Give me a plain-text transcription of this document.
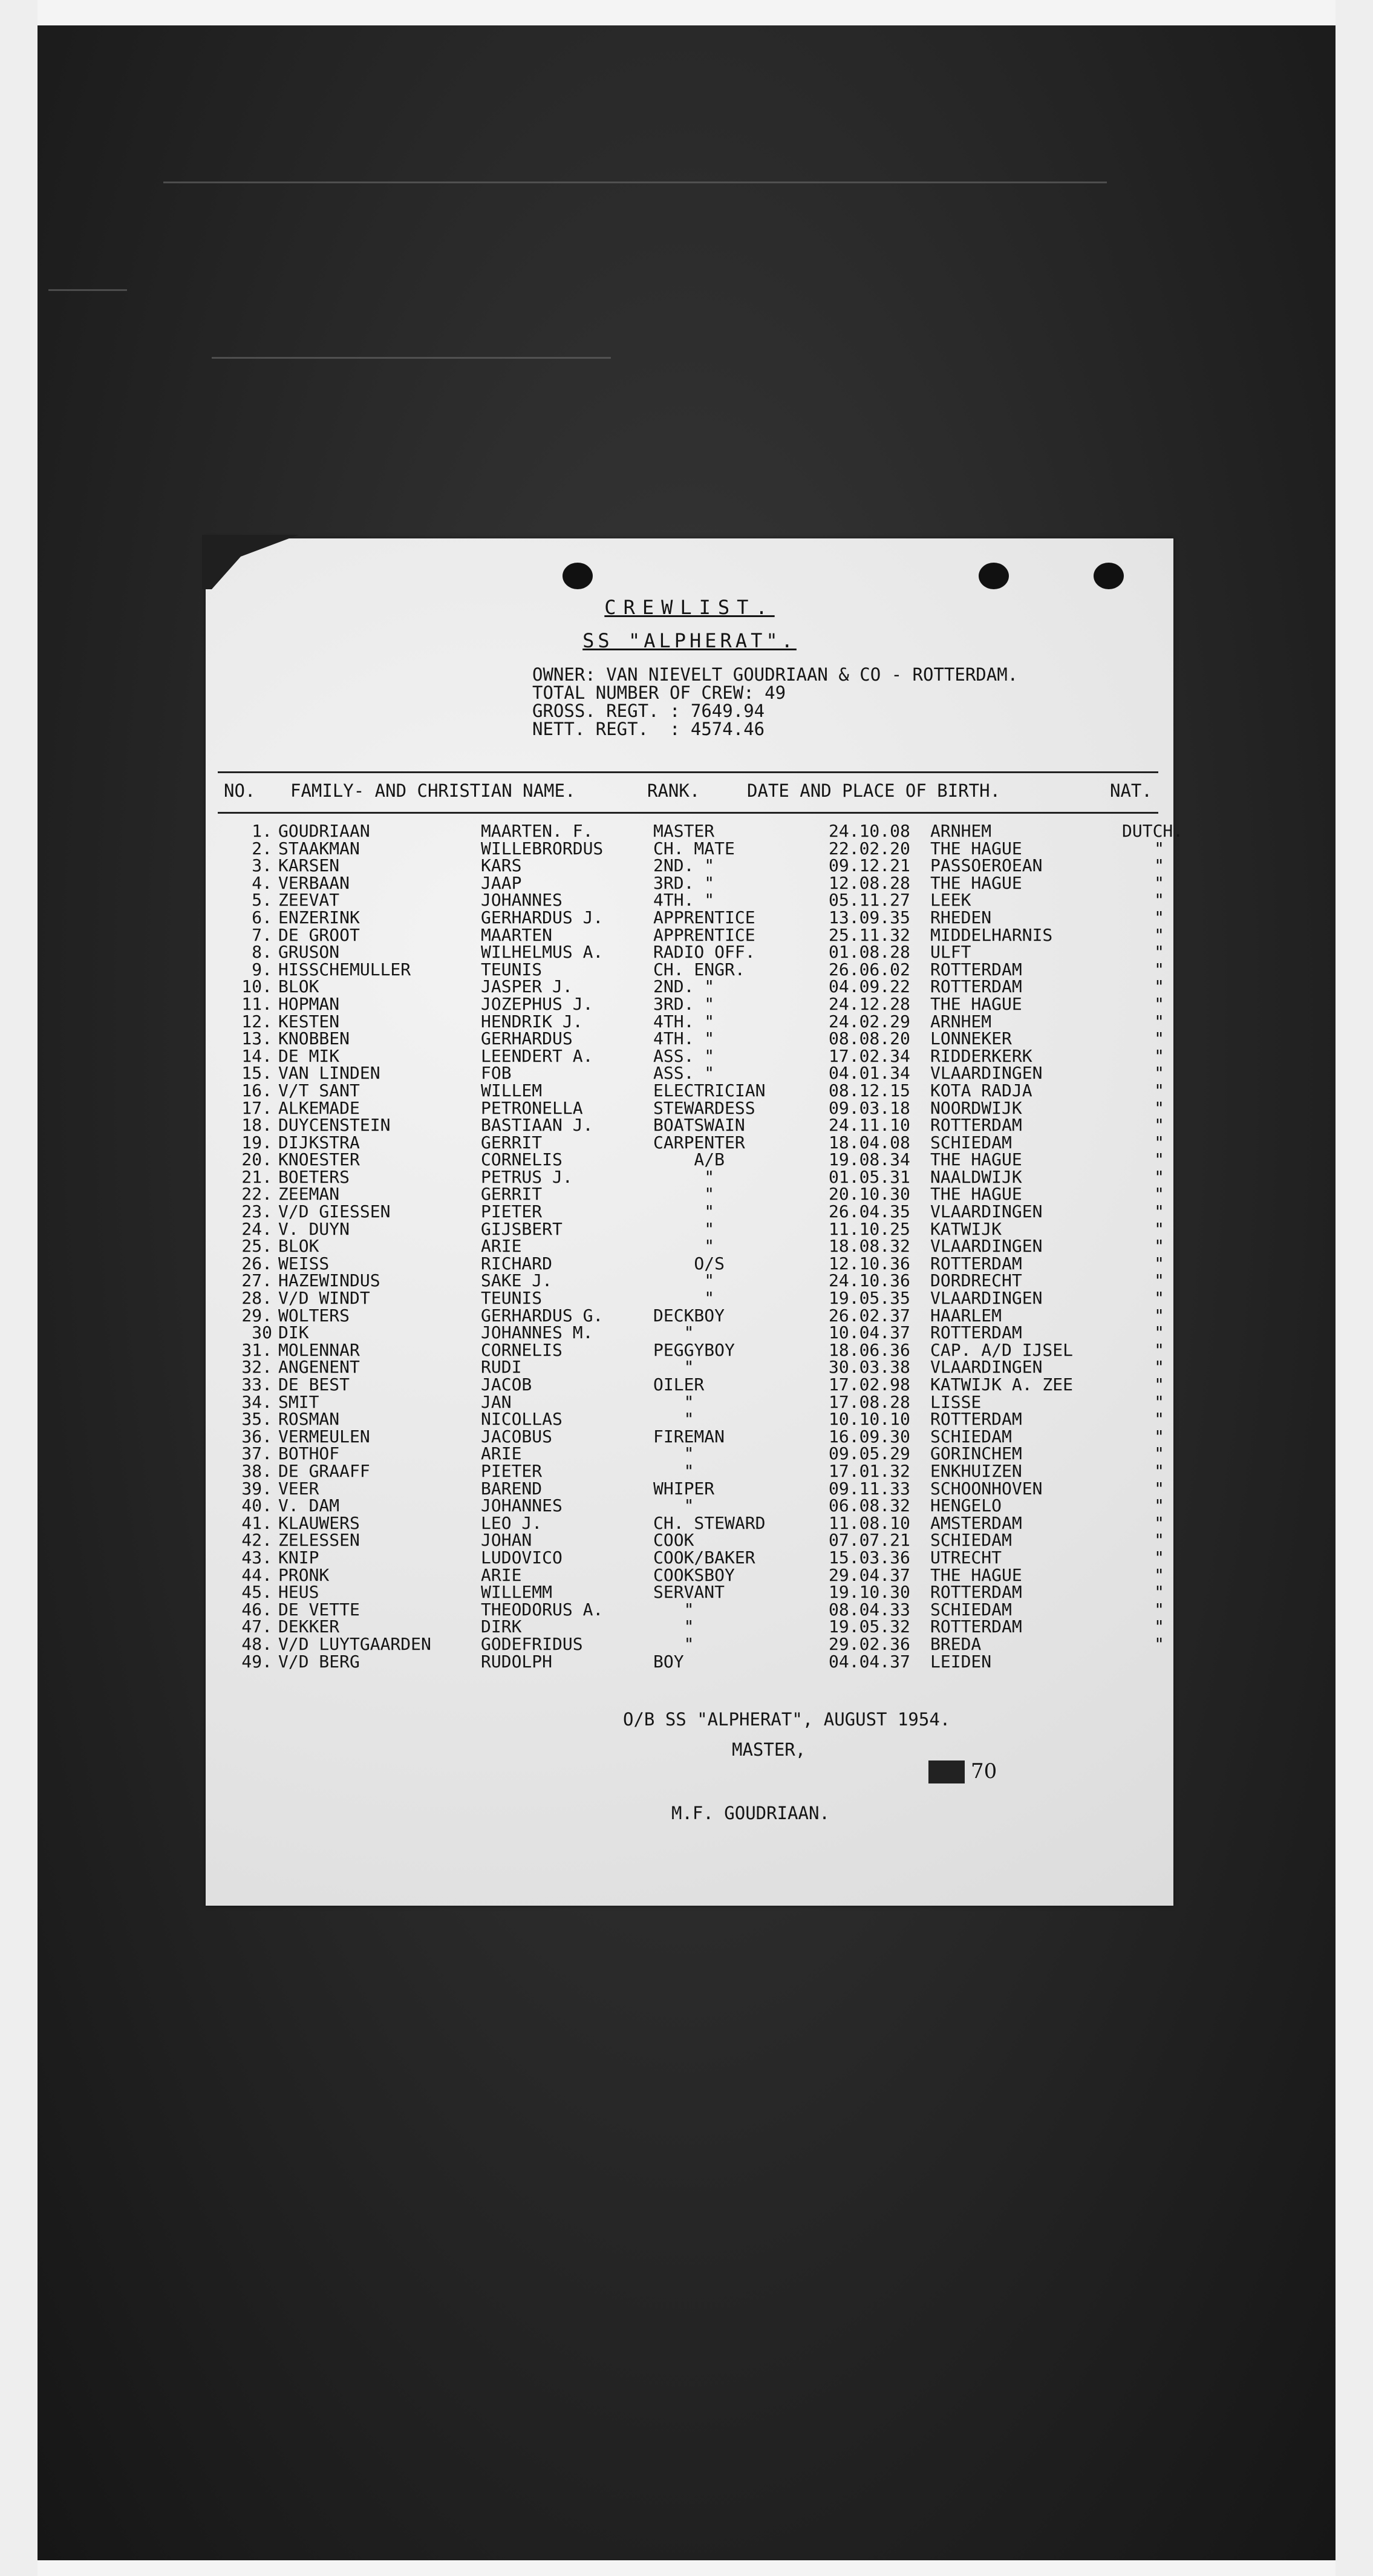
CREWLIST.
SS "ALPHERAT".
OWNER: VAN NIEVELT GOUDRIAAN & CO - ROTTERDAM.
TOTAL NUMBER OF CREW: 49
GROSS. REGT. : 7649.94
NETT. REGT.  : 4574.46
NO. FAMILY- AND CHRISTIAN NAME.	RANK.	DATE AND PLACE OF BIRTH.	NAT.
1. GOUDRIAAN	MAARTEN. F.	MASTER	24.10.08 ARNHEM	DUTCH.
2. STAAKMAN	WILLEBRORDUS	CH. MATE	22.02.20 THE HAGUE	"
3. KARSEN	KARS	2ND. "	09.12.21 PASSOEROEAN	"
4. VERBAAN	JAAP	3RD. "	12.08.28 THE HAGUE	"
5. ZEEVAT	JOHANNES	4TH. "	05.11.27 LEEK	"
6. ENZERINK	GERHARDUS J.	APPRENTICE	13.09.35 RHEDEN	"
7. DE GROOT	MAARTEN	APPRENTICE	25.11.32 MIDDELHARNIS	"
8. GRUSON	WILHELMUS A.	RADIO OFF.	01.08.28 ULFT	"
9. HISSCHEMULLER	TEUNIS	CH. ENGR.	26.06.02 ROTTERDAM	"
10. BLOK	JASPER J.	2ND. "	04.09.22 ROTTERDAM	"
11. HOPMAN	JOZEPHUS J.	3RD. "	24.12.28 THE HAGUE	"
12. KESTEN	HENDRIK J.	4TH. "	24.02.29 ARNHEM	"
13. KNOBBEN	GERHARDUS	4TH. "	08.08.20 LONNEKER	"
14. DE MIK	LEENDERT A.	ASS. "	17.02.34 RIDDERKERK	"
15. VAN LINDEN	FOB	ASS. "	04.01.34 VLAARDINGEN	"
16. V/T SANT	WILLEM	ELECTRICIAN	08.12.15 KOTA RADJA	"
17. ALKEMADE	PETRONELLA	STEWARDESS	09.03.18 NOORDWIJK	"
18. DUYCENSTEIN	BASTIAAN J.	BOATSWAIN	24.11.10 ROTTERDAM	"
19. DIJKSTRA	GERRIT	CARPENTER	18.04.08 SCHIEDAM	"
20. KNOESTER	CORNELIS	A/B	19.08.34 THE HAGUE	"
21. BOETERS	PETRUS J.	"	01.05.31 NAALDWIJK	"
22. ZEEMAN	GERRIT	"	20.10.30 THE HAGUE	"
23. V/D GIESSEN	PIETER	"	26.04.35 VLAARDINGEN	"
24. V. DUYN	GIJSBERT	"	11.10.25 KATWIJK	"
25. BLOK	ARIE	"	18.08.32 VLAARDINGEN	"
26. WEISS	RICHARD	O/S	12.10.36 ROTTERDAM	"
27. HAZEWINDUS	SAKE J.	"	24.10.36 DORDRECHT	"
28. V/D WINDT	TEUNIS	"	19.05.35 VLAARDINGEN	"
29. WOLTERS	GERHARDUS G.	DECKBOY	26.02.37 HAARLEM	"
30 DIK	JOHANNES M.	"	10.04.37 ROTTERDAM	"
31. MOLENNAR	CORNELIS	PEGGYBOY	18.06.36 CAP. A/D IJSEL	"
32. ANGENENT	RUDI	"	30.03.38 VLAARDINGEN	"
33. DE BEST	JACOB	OILER	17.02.98 KATWIJK A. ZEE	"
34. SMIT	JAN	"	17.08.28 LISSE	"
35. ROSMAN	NICOLLAS	"	10.10.10 ROTTERDAM	"
36. VERMEULEN	JACOBUS	FIREMAN	16.09.30 SCHIEDAM	"
37. BOTHOF	ARIE	"	09.05.29 GORINCHEM	"
38. DE GRAAFF	PIETER	"	17.01.32 ENKHUIZEN	"
39. VEER	BAREND	WHIPER	09.11.33 SCHOONHOVEN	"
40. V. DAM	JOHANNES	"	06.08.32 HENGELO	"
41. KLAUWERS	LEO J.	CH. STEWARD	11.08.10 AMSTERDAM	"
42. ZELESSEN	JOHAN	COOK	07.07.21 SCHIEDAM	"
43. KNIP	LUDOVICO	COOK/BAKER	15.03.36 UTRECHT	"
44. PRONK	ARIE	COOKSBOY	29.04.37 THE HAGUE	"
45. HEUS	WILLEMM	SERVANT	19.10.30 ROTTERDAM	"
46. DE VETTE	THEODORUS A.	"	08.04.33 SCHIEDAM	"
47. DEKKER	DIRK	"	19.05.32 ROTTERDAM	"
48. V/D LUYTGAARDEN	GODEFRIDUS	"	29.02.36 BREDA	"
49. V/D BERG	RUDOLPH	BOY	04.04.37 LEIDEN
O/B SS "ALPHERAT", AUGUST 1954.
MASTER,
70
M.F. GOUDRIAAN.
